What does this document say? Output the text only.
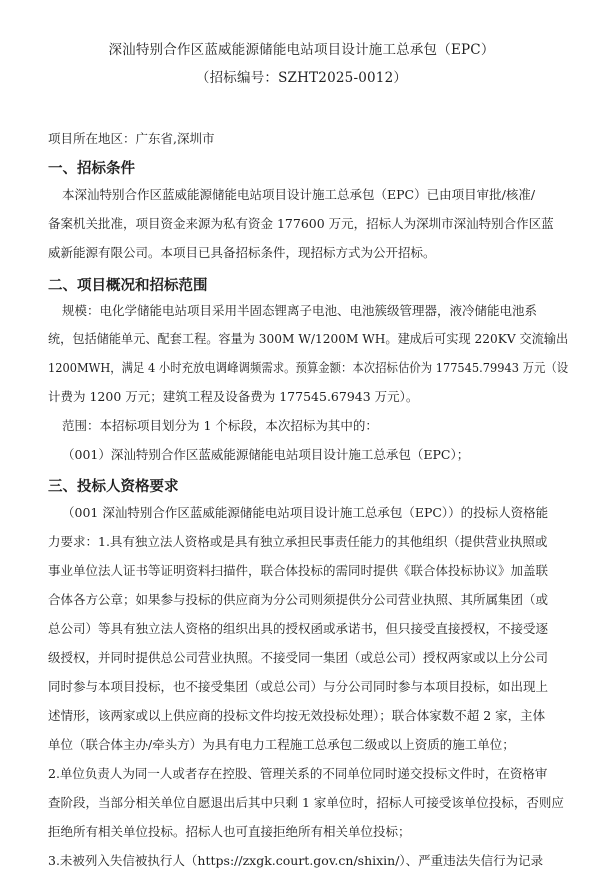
深汕特别合作区蓝威能源储能电站项目设计施工总承包（EPC）
（招标编号：SZHT2025-0012）
项目所在地区：广东省,深圳市
一、招标条件
本深汕特别合作区蓝威能源储能电站项目设计施工总承包（EPC）已由项目审批/核准/
备案机关批准，项目资金来源为私有资金 177600 万元，招标人为深圳市深汕特别合作区蓝
威新能源有限公司。本项目已具备招标条件，现招标方式为公开招标。
二、项目概况和招标范围
规模：电化学储能电站项目采用半固态锂离子电池、电池簇级管理器，液冷储能电池系
统，包括储能单元、配套工程。容量为 300M W/1200M WH。建成后可实现 220KV 交流输出
1200MWH，满足 4 小时充放电调峰调频需求。预算金额：本次招标估价为 177545.79943 万元（设
计费为 1200 万元；建筑工程及设备费为 177545.67943 万元）。
范围：本招标项目划分为 1 个标段，本次招标为其中的：
（001）深汕特别合作区蓝威能源储能电站项目设计施工总承包（EPC）；
三、投标人资格要求
（001 深汕特别合作区蓝威能源储能电站项目设计施工总承包（EPC））的投标人资格能
力要求：1.具有独立法人资格或是具有独立承担民事责任能力的其他组织（提供营业执照或
事业单位法人证书等证明资料扫描件，联合体投标的需同时提供《联合体投标协议》加盖联
合体各方公章；如果参与投标的供应商为分公司则须提供分公司营业执照、其所属集团（或
总公司）等具有独立法人资格的组织出具的授权函或承诺书，但只接受直接授权，不接受逐
级授权，并同时提供总公司营业执照。不接受同一集团（或总公司）授权两家或以上分公司
同时参与本项目投标，也不接受集团（或总公司）与分公司同时参与本项目投标，如出现上
述情形，该两家或以上供应商的投标文件均按无效投标处理）；联合体家数不超 2 家，主体
单位（联合体主办/牵头方）为具有电力工程施工总承包二级或以上资质的施工单位；
2.单位负责人为同一人或者存在控股、管理关系的不同单位同时递交投标文件时，在资格审
查阶段，当部分相关单位自愿退出后其中只剩 1 家单位时，招标人可接受该单位投标，否则应
拒绝所有相关单位投标。招标人也可直接拒绝所有相关单位投标；
3.未被列入失信被执行人（https://zxgk.court.gov.cn/shixin/）、严重违法失信行为记录
